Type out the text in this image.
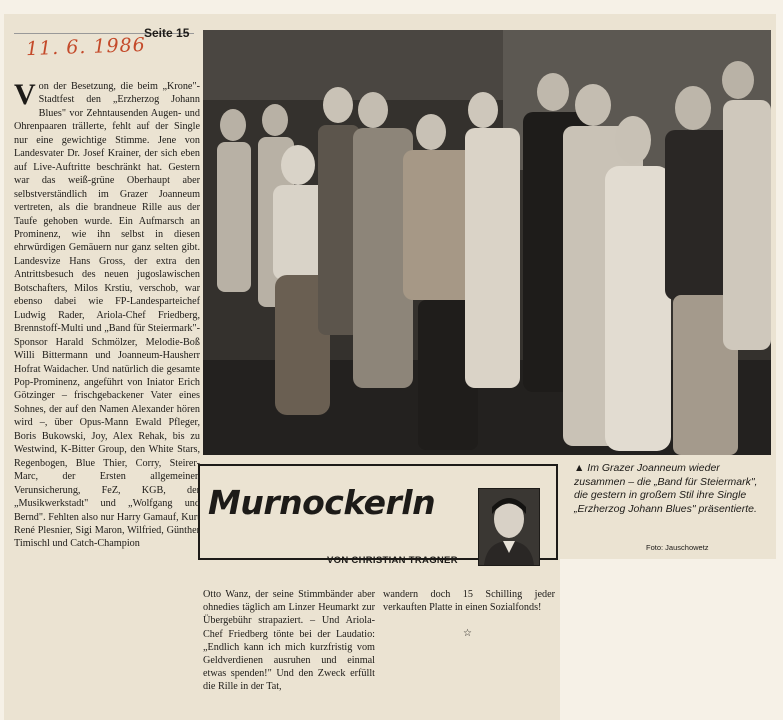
11. 6. 1986
Seite 15
V on der Besetzung, die beim „Krone"-Stadtfest den „Erzherzog Johann Blues" vor Zehntausenden Augen- und Ohrenpaaren trällerte, fehlt auf der Single nur eine gewichtige Stimme. Jene von Landesvater Dr. Josef Krainer, der sich eben auf Live-Auftritte beschränkt hat. Gestern war das weiß-grüne Oberhaupt aber selbstverständlich im Grazer Joanneum vertreten, als die brandneue Rille aus der Taufe gehoben wurde. Ein Aufmarsch an Prominenz, wie ihn selbst in diesen ehrwürdigen Gemäuern nur ganz selten gibt. Landesvize Hans Gross, der extra den Antrittsbesuch des neuen jugoslawischen Botschafters, Milos Krstiu, verschob, war ebenso dabei wie FP-Landesparteichef Ludwig Rader, Ariola-Chef Friedberg, Brennstoff-Multi und „Band für Steiermark"-Sponsor Harald Schmölzer, Melodie-Boß Willi Bittermann und Joanneum-Hausherr Hofrat Waidacher. Und natürlich die gesamte Pop-Prominenz, angeführt von Iniator Erich Götzinger – frischgebackener Vater eines Sohnes, der auf den Namen Alexander hören wird –, über Opus-Mann Ewald Pfleger, Boris Bukowski, Joy, Alex Rehak, bis zu Westwind, K-Bitter Group, den White Stars, Regenbogen, Blue Thier, Corry, Steirer-Marc, der Ersten allgemeinen Verunsicherung, FeZ, KGB, der „Musikwerkstadt" und „Wolfgang und Bernd". Fehlten also nur Harry Gamauf, Kurt René Plesnier, Sigi Maron, Wilfried, Günther Timischl und Catch-Champion

▲ Im Grazer Joanneum wieder zusammen – die „Band für Steiermark", die gestern in großem Stil ihre Single „Erzherzog Johann Blues" präsentierte.
Foto: Jauschowetz
Murnockerln
VON CHRISTIAN TRAGNER

Otto Wanz, der seine Stimmbänder aber ohnedies täglich am Linzer Heumarkt zur Übergebühr strapaziert. – Und Ariola-Chef Friedberg tönte bei der Laudatio: „Endlich kann ich mich kurzfristig vom Geldverdienen ausruhen und einmal etwas spenden!" Und den Zweck erfüllt die Rille in der Tat,

wandern doch 15 Schilling jeder verkauften Platte in einen Sozialfonds!

☆
